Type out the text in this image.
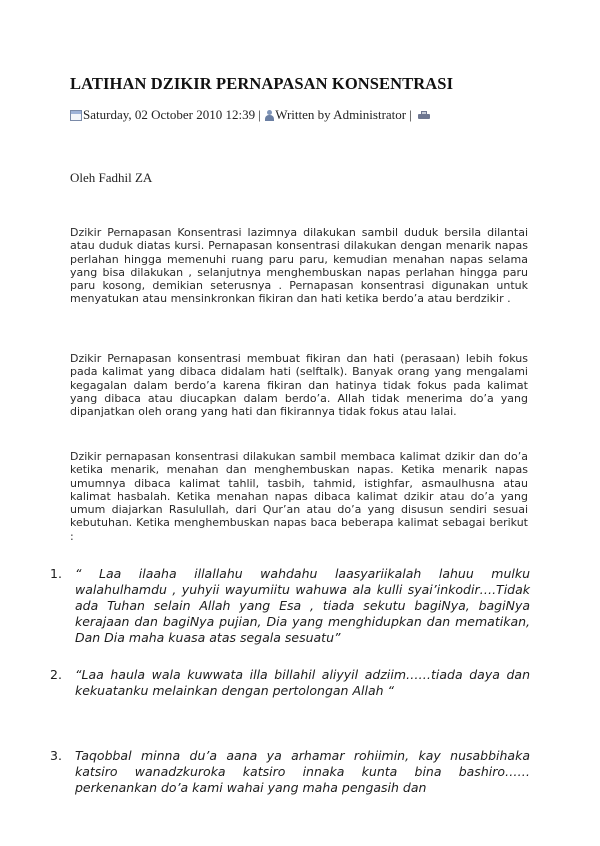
LATIHAN DZIKIR PERNAPASAN KONSENTRASI
Saturday, 02 October 2010 12:39 | Written by Administrator |
Oleh Fadhil ZA

Dzikir Pernapasan Konsentrasi lazimnya dilakukan sambil duduk bersila dilantai atau duduk diatas kursi. Pernapasan konsentrasi dilakukan dengan menarik napas perlahan hingga memenuhi ruang paru paru, kemudian menahan napas selama yang bisa dilakukan , selanjutnya menghembuskan napas perlahan hingga paru paru kosong, demikian seterusnya . Pernapasan konsentrasi digunakan untuk menyatukan atau mensinkronkan fikiran dan hati ketika berdo’a atau berdzikir .

Dzikir Pernapasan konsentrasi membuat fikiran dan hati (perasaan) lebih fokus pada kalimat yang dibaca didalam hati (selftalk). Banyak orang yang mengalami kegagalan dalam berdo’a karena fikiran dan hatinya tidak fokus pada kalimat yang dibaca atau diucapkan dalam berdo’a. Allah tidak menerima do’a yang dipanjatkan oleh orang yang hati dan fikirannya tidak fokus atau lalai.

Dzikir pernapasan konsentrasi dilakukan sambil membaca kalimat dzikir dan do’a ketika menarik, menahan dan menghembuskan napas. Ketika menarik napas umumnya dibaca kalimat tahlil, tasbih, tahmid, istighfar, asmaulhusna atau kalimat hasbalah. Ketika menahan napas dibaca kalimat dzikir atau do’a yang umum diajarkan Rasulullah, dari Qur’an atau do’a yang disusun sendiri sesuai kebutuhan. Ketika menghembuskan napas baca beberapa kalimat sebagai berikut :

1. “ Laa ilaaha illallahu wahdahu laasyariikalah lahuu mulku walahulhamdu , yuhyii wayumiitu wahuwa ala kulli syai’inkodir….Tidak ada Tuhan selain Allah yang Esa , tiada sekutu bagiNya, bagiNya kerajaan dan bagiNya pujian, Dia yang menghidupkan dan mematikan, Dan Dia maha kuasa atas segala sesuatu”
2. “Laa haula wala kuwwata illa billahil aliyyil adziim……tiada daya dan kekuatanku melainkan dengan pertolongan Allah “
3. Taqobbal minna du’a aana ya arhamar rohiimin, kay nusabbihaka katsiro wanadzkuroka katsiro innaka kunta bina bashiro…… perkenankan do’a kami wahai yang maha pengasih dan
